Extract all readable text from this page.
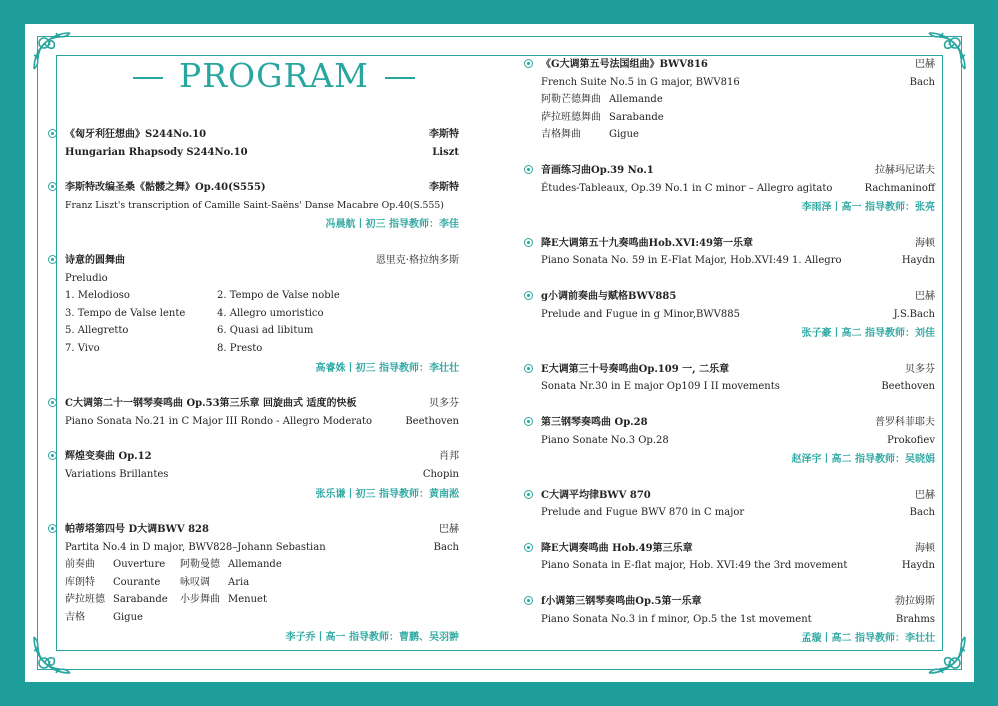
PROGRAM
《匈牙利狂想曲》S244No.10	李斯特
Hungarian Rhapsody S244No.10	Liszt
李斯特改编圣桑《骷髅之舞》Op.40(S555)	李斯特
Franz Liszt's transcription of Camille Saint-Saëns' Danse Macabre Op.40(S.555)
冯晨航丨初三 指导教师：李佳
诗意的圆舞曲	恩里克·格拉纳多斯
Preludio
1. Melodioso	2. Tempo de Valse noble
3. Tempo de Valse lente	4. Allegro umoristico
5. Allegretto	6. Quasi ad libitum
7. Vivo	8. Presto
高睿姝丨初三 指导教师：李壮壮
C大调第二十一钢琴奏鸣曲 Op.53第三乐章 回旋曲式 适度的快板	贝多芬
Piano Sonata No.21 in C Major III Rondo - Allegro Moderato	Beethoven
辉煌变奏曲 Op.12	肖邦
Variations Brillantes	Chopin
张乐谦丨初三 指导教师：黄南淞
帕蒂塔第四号 D大调BWV 828	巴赫
Partita No.4 in D major, BWV828–Johann Sebastian	Bach
前奏曲	Ouverture	阿勒曼德 Allemande
库朗特	Courante	咏叹调	Aria
萨拉班德 Sarabande	小步舞曲 Menuet
吉格	Gigue
李子乔丨高一 指导教师：曹鹏、吴羽翀
《G大调第五号法国组曲》BWV816	巴赫
French Suite No.5 in G major, BWV816	Bach
阿勒芒德舞曲 Allemande
萨拉班德舞曲 Sarabande
吉格舞曲	Gigue
音画练习曲Op.39 No.1	拉赫玛尼诺夫
Études-Tableaux, Op.39 No.1 in C minor – Allegro agitato	Rachmaninoff
李雨泽丨高一 指导教师：张亮
降E大调第五十九奏鸣曲Hob.XVI:49第一乐章	海顿
Piano Sonata No. 59 in E-Flat Major, Hob.XVI:49 1. Allegro	Haydn
g小调前奏曲与赋格BWV885	巴赫
Prelude and Fugue in g Minor,BWV885	J.S.Bach
张子豪丨高二 指导教师：刘佳
E大调第三十号奏鸣曲Op.109 一, 二乐章	贝多芬
Sonata Nr.30 in E major Op109 I II movements	Beethoven
第三钢琴奏鸣曲 Op.28	普罗科菲耶夫
Piano Sonate No.3 Op.28	Prokofiev
赵泽宇丨高二 指导教师：吴晓娟
C大调平均律BWV 870	巴赫
Prelude and Fugue BWV 870 in C major	Bach
降E大调奏鸣曲 Hob.49第三乐章	海顿
Piano Sonata in E-flat major, Hob. XVI:49 the 3rd movement	Haydn
f小调第三钢琴奏鸣曲Op.5第一乐章	勃拉姆斯
Piano Sonata No.3 in f minor, Op.5 the 1st movement	Brahms
孟璇丨高二 指导教师：李壮壮
